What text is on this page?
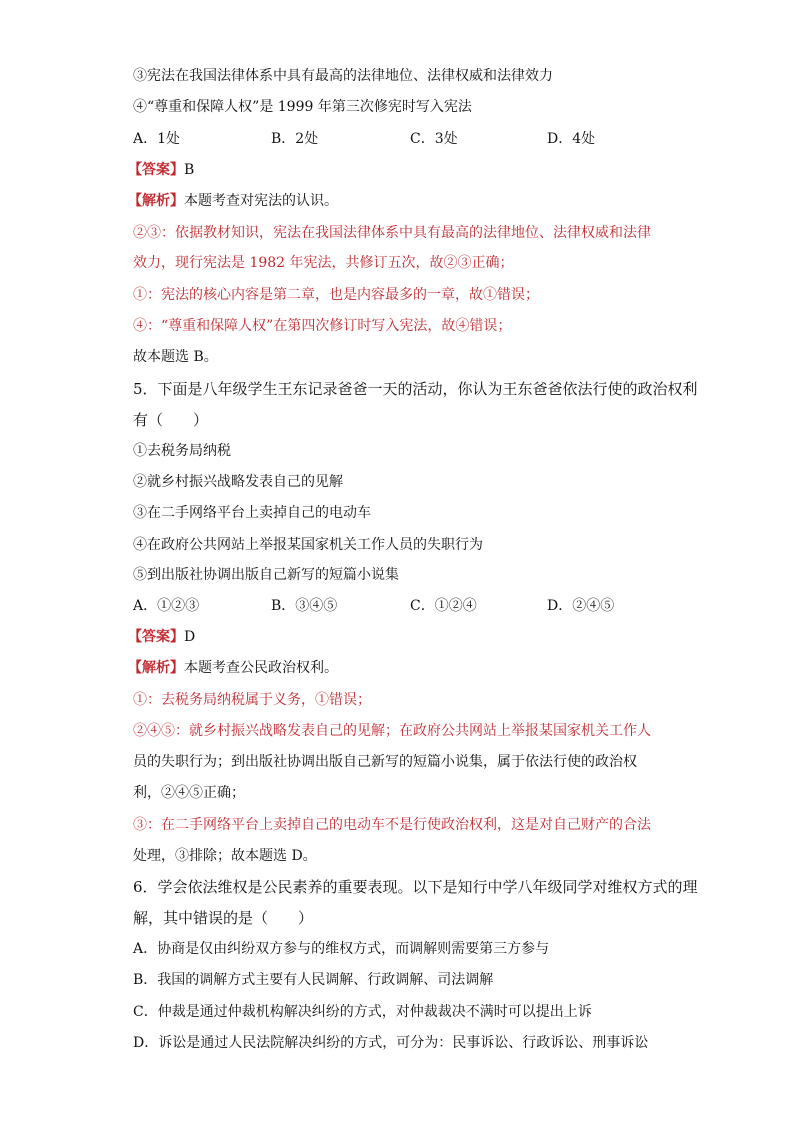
③宪法在我国法律体系中具有最高的法律地位、法律权威和法律效力
④“尊重和保障人权”是 1999 年第三次修宪时写入宪法
A．1处	B．2处	C．3处	D．4处
【答案】B
【解析】本题考查对宪法的认识。
②③：依据教材知识，宪法在我国法律体系中具有最高的法律地位、法律权威和法律
效力，现行宪法是 1982 年宪法，共修订五次，故②③正确；
①：宪法的核心内容是第二章，也是内容最多的一章，故①错误；
④：“尊重和保障人权”在第四次修订时写入宪法，故④错误；
故本题选 B。
5．下面是八年级学生王东记录爸爸一天的活动，你认为王东爸爸依法行使的政治权利
有（　　）
①去税务局纳税
②就乡村振兴战略发表自己的见解
③在二手网络平台上卖掉自己的电动车
④在政府公共网站上举报某国家机关工作人员的失职行为
⑤到出版社协调出版自己新写的短篇小说集
A．①②③	B．③④⑤	C．①②④	D．②④⑤
【答案】D
【解析】本题考查公民政治权利。
①：去税务局纳税属于义务，①错误；
②④⑤：就乡村振兴战略发表自己的见解；在政府公共网站上举报某国家机关工作人
员的失职行为；到出版社协调出版自己新写的短篇小说集，属于依法行使的政治权
利，②④⑤正确；
③：在二手网络平台上卖掉自己的电动车不是行使政治权利，这是对自己财产的合法
处理，③排除；故本题选 D。
6．学会依法维权是公民素养的重要表现。以下是知行中学八年级同学对维权方式的理
解，其中错误的是（　　）
A．协商是仅由纠纷双方参与的维权方式，而调解则需要第三方参与
B．我国的调解方式主要有人民调解、行政调解、司法调解
C．仲裁是通过仲裁机构解决纠纷的方式，对仲裁裁决不满时可以提出上诉
D．诉讼是通过人民法院解决纠纷的方式，可分为：民事诉讼、行政诉讼、刑事诉讼
